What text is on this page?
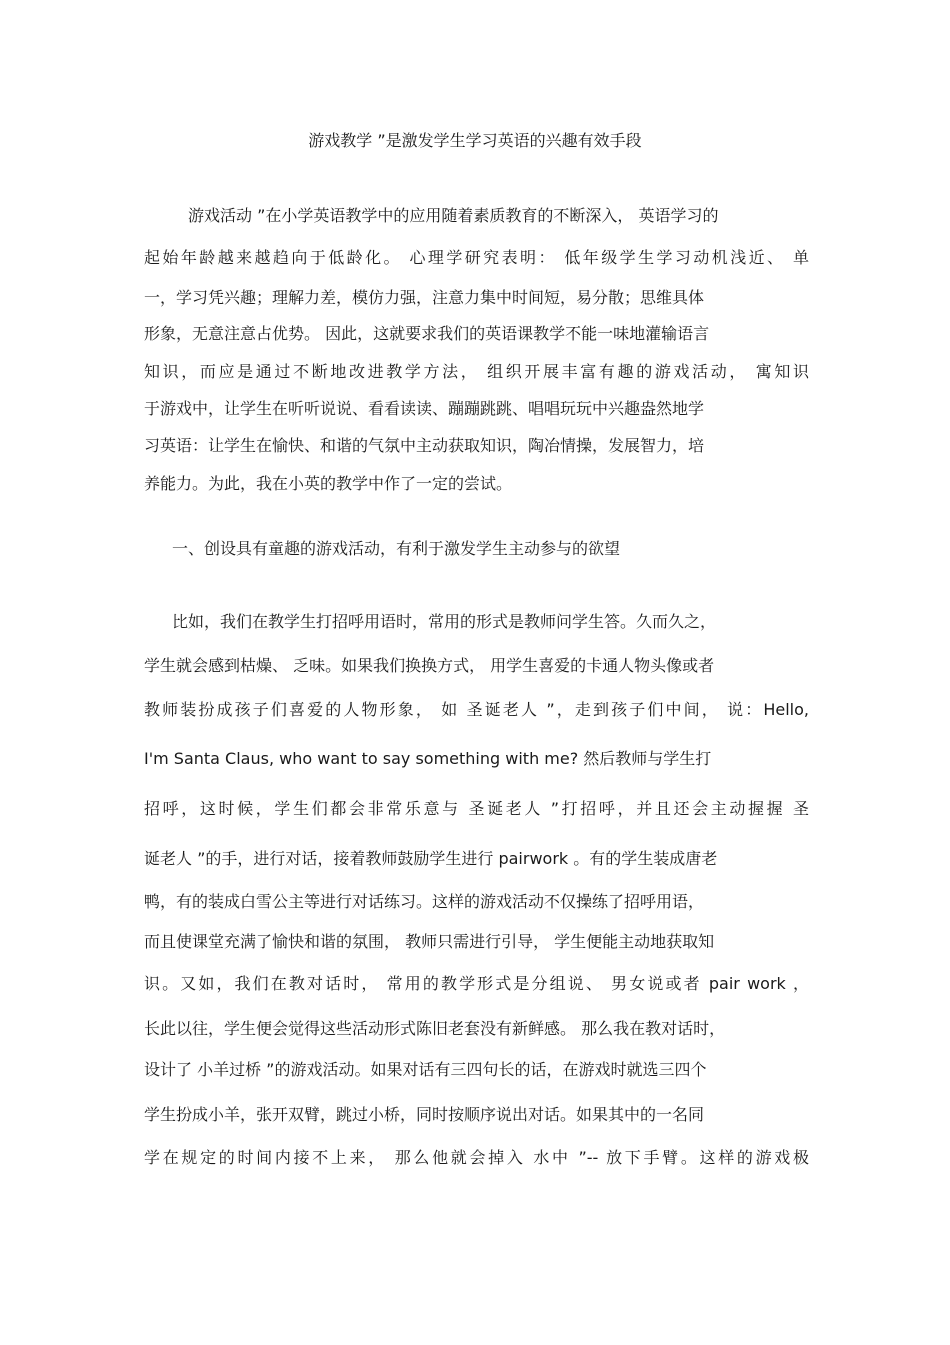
游戏教学 ”是激发学生学习英语的兴趣有效手段
游戏活动 ”在小学英语教学中的应用随着素质教育的不断深入， 英语学习的
起始年龄越来越趋向于低龄化。 心理学研究表明： 低年级学生学习动机浅近、 单
一，学习凭兴趣；理解力差，模仿力强，注意力集中时间短，易分散；思维具体
形象，无意注意占优势。 因此，这就要求我们的英语课教学不能一味地灌输语言
知识，而应是通过不断地改进教学方法， 组织开展丰富有趣的游戏活动， 寓知识
于游戏中，让学生在听听说说、看看读读、蹦蹦跳跳、唱唱玩玩中兴趣盎然地学
习英语：让学生在愉快、和谐的气氛中主动获取知识，陶冶情操，发展智力，培
养能力。为此，我在小英的教学中作了一定的尝试。
一、创设具有童趣的游戏活动，有利于激发学生主动参与的欲望
比如，我们在教学生打招呼用语时，常用的形式是教师问学生答。久而久之，
学生就会感到枯燥、 乏味。如果我们换换方式， 用学生喜爱的卡通人物头像或者
教师装扮成孩子们喜爱的人物形象， 如 圣诞老人 ”，走到孩子们中间， 说：Hello,
I'm Santa Claus, who want to say something with me? 然后教师与学生打
招呼，这时候，学生们都会非常乐意与 圣诞老人 ”打招呼，并且还会主动握握 圣
诞老人 ”的手，进行对话，接着教师鼓励学生进行 pairwork 。有的学生装成唐老
鸭，有的装成白雪公主等进行对话练习。这样的游戏活动不仅操练了招呼用语，
而且使课堂充满了愉快和谐的氛围， 教师只需进行引导， 学生便能主动地获取知
识。又如，我们在教对话时， 常用的教学形式是分组说、 男女说或者 pair work ，
长此以往，学生便会觉得这些活动形式陈旧老套没有新鲜感。 那么我在教对话时，
设计了 小羊过桥 ”的游戏活动。如果对话有三四句长的话，在游戏时就选三四个
学生扮成小羊，张开双臂，跳过小桥，同时按顺序说出对话。如果其中的一名同
学在规定的时间内接不上来， 那么他就会掉入 水中 ”-- 放下手臂。这样的游戏极
